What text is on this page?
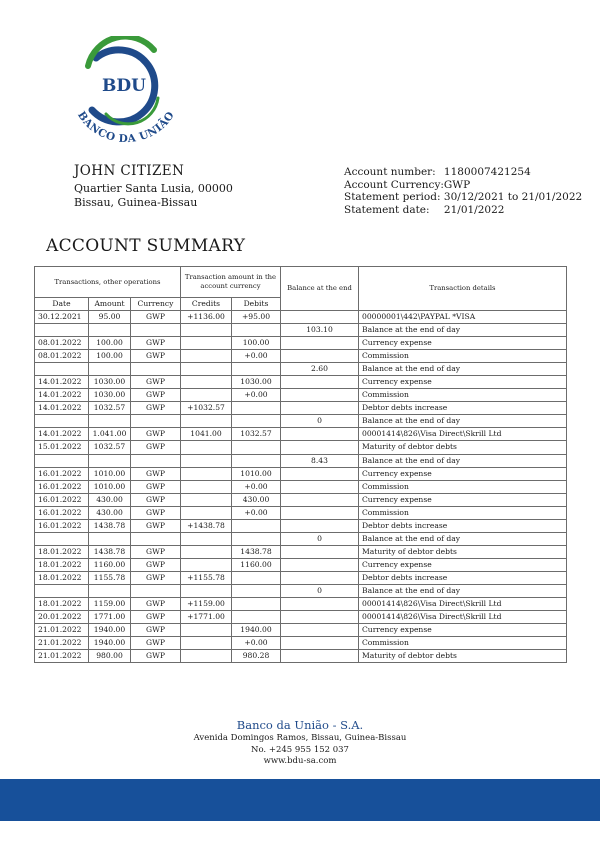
BDU
BANCO DA UNIÃO
JOHN CITIZEN
Quartier Santa Lusia, 00000
Bissau, Guinea-Bissau
Account number:	1180007421254
Account Currency:	GWP
Statement period:	30/12/2021 to 21/01/2022
Statement date:	21/01/2022
ACCOUNT SUMMARY
Transactions, other operations			Transaction amount in the account currency		Balance at the end	Transaction details
Date	Amount	Currency	Credits	Debits		
30.12.2021	95.00	GWP	+1136.00	+95.00		00000001\442\PAYPAL *VISA
					103.10	Balance at the end of day
08.01.2022	100.00	GWP		100.00		Currency expense
08.01.2022	100.00	GWP		+0.00		Commission
					2.60	Balance at the end of day
14.01.2022	1030.00	GWP		1030.00		Currency expense
14.01.2022	1030.00	GWP		+0.00		Commission
14.01.2022	1032.57	GWP	+1032.57			Debtor debts increase
					0	Balance at the end of day
14.01.2022	1.041.00	GWP	1041.00	1032.57		00001414\826\Visa Direct\Skrill Ltd
15.01.2022	1032.57	GWP				Maturity of debtor debts
					8.43	Balance at the end of day
16.01.2022	1010.00	GWP		1010.00		Currency expense
16.01.2022	1010.00	GWP		+0.00		Commission
16.01.2022	430.00	GWP		430.00		Currency expense
16.01.2022	430.00	GWP		+0.00		Commission
16.01.2022	1438.78	GWP	+1438.78			Debtor debts increase
					0	Balance at the end of day
18.01.2022	1438.78	GWP		1438.78		Maturity of debtor debts
18.01.2022	1160.00	GWP		1160.00		Currency expense
18.01.2022	1155.78	GWP	+1155.78			Debtor debts increase
					0	Balance at the end of day
18.01.2022	1159.00	GWP	+1159.00			00001414\826\Visa Direct\Skrill Ltd
20.01.2022	1771.00	GWP	+1771.00			00001414\826\Visa Direct\Skrill Ltd
21.01.2022	1940.00	GWP		1940.00		Currency expense
21.01.2022	1940.00	GWP		+0.00		Commission
21.01.2022	980.00	GWP		980.28		Maturity of debtor debts
Banco da União - S.A.
Avenida Domingos Ramos, Bissau, Guinea-Bissau
No. +245 955 152 037
www.bdu-sa.com
